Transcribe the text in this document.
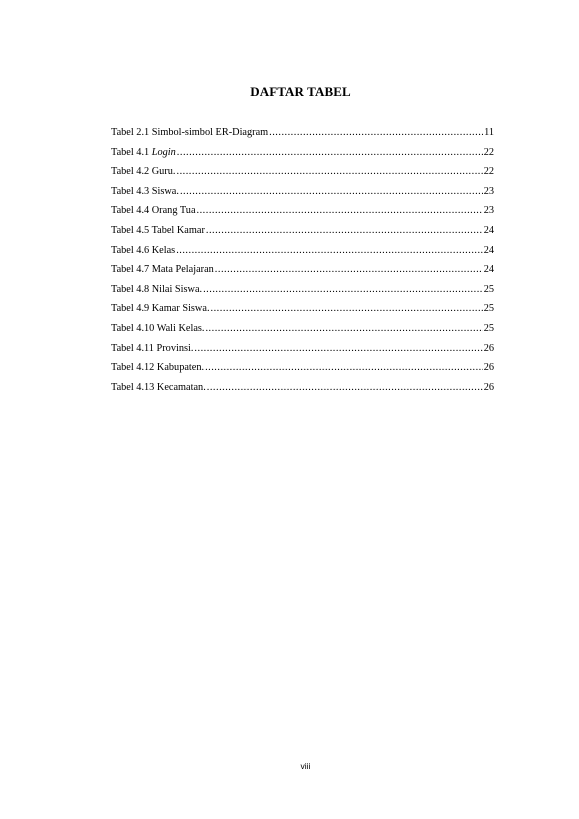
DAFTAR TABEL
Tabel 2.1 Simbol-simbol ER-Diagram .....	11
Tabel 4.1 Login .....	22
Tabel 4.2 Guru. .....	22
Tabel 4.3 Siswa. .....	23
Tabel 4.4 Orang Tua .....	23
Tabel 4.5 Tabel Kamar .....	24
Tabel 4.6 Kelas .....	24
Tabel 4.7 Mata Pelajaran .....	24
Tabel 4.8 Nilai Siswa. .....	25
Tabel 4.9 Kamar Siswa. .....	25
Tabel 4.10 Wali Kelas. .....	25
Tabel 4.11 Provinsi. .....	26
Tabel 4.12 Kabupaten. .....	26
Tabel 4.13 Kecamatan. .....	26
viii
